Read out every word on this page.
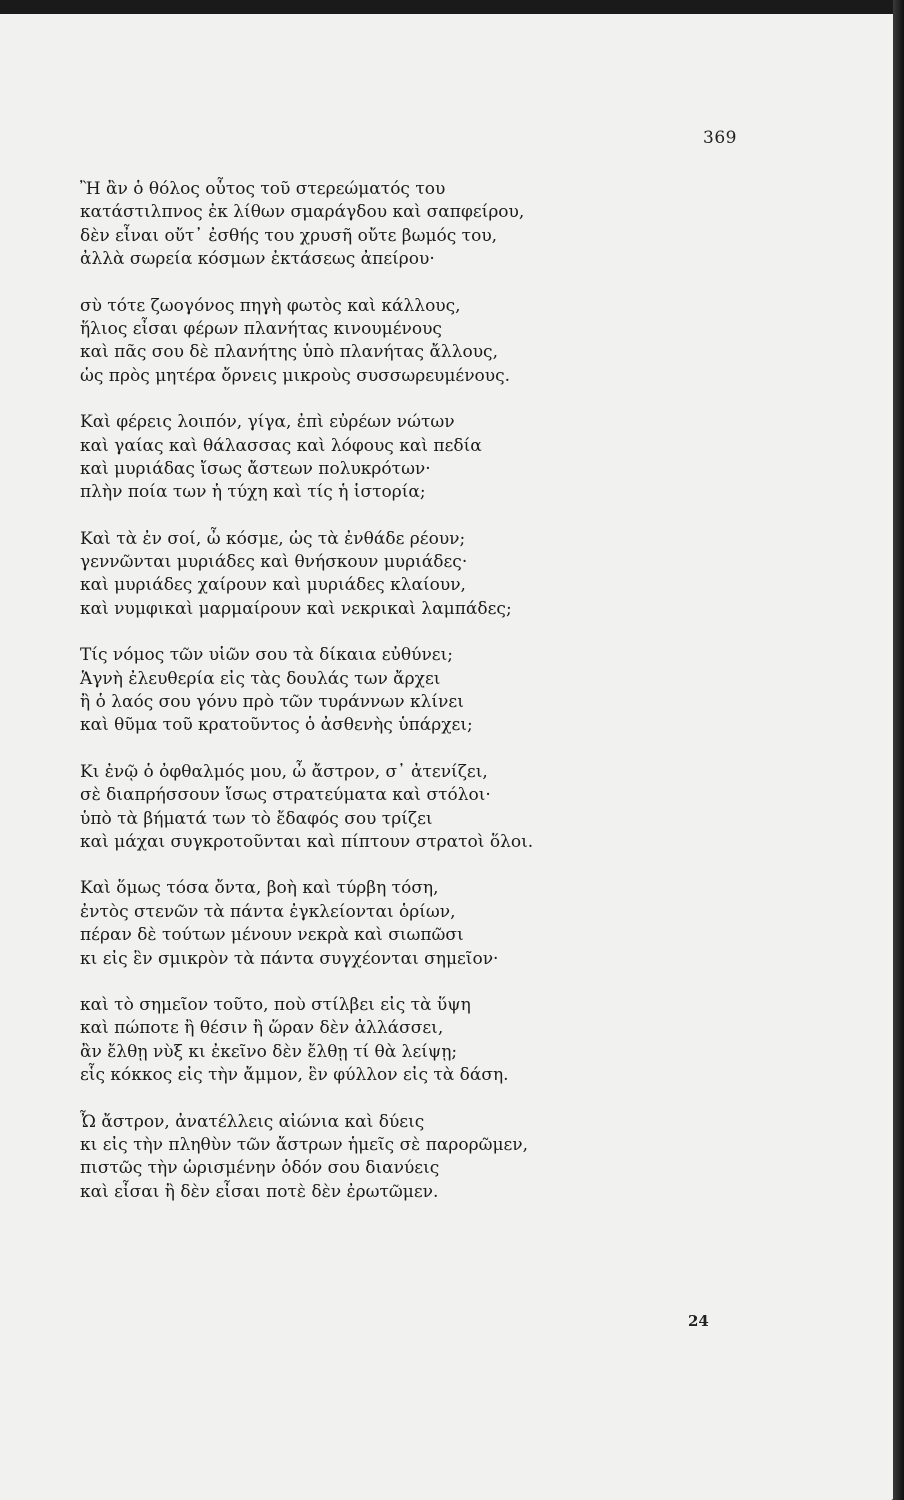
369
Ἢ ἂν ὁ θόλος οὗτος τοῦ στερεώματός του
κατάστιλπνος ἐκ λίθων σμαράγδου καὶ σαπφείρου,
δὲν εἶναι οὔτ᾽ ἐσθής του χρυσῆ οὔτε βωμός του,
ἀλλὰ σωρεία κόσμων ἐκτάσεως ἀπείρου·
σὺ τότε ζωογόνος πηγὴ φωτὸς καὶ κάλλους,
ἥλιος εἶσαι φέρων πλανήτας κινουμένους
καὶ πᾶς σου δὲ πλανήτης ὑπὸ πλανήτας ἄλλους,
ὡς πρὸς μητέρα ὄρνεις μικροὺς συσσωρευμένους.
Καὶ φέρεις λοιπόν, γίγα, ἐπὶ εὐρέων νώτων
καὶ γαίας καὶ θάλασσας καὶ λόφους καὶ πεδία
καὶ μυριάδας ἴσως ἄστεων πολυκρότων·
πλὴν ποία των ἡ τύχη καὶ τίς ἡ ἱστορία;
Καὶ τὰ ἐν σοί, ὦ κόσμε, ὡς τὰ ἐνθάδε ρέουν;
γεννῶνται μυριάδες καὶ θνήσκουν μυριάδες·
καὶ μυριάδες χαίρουν καὶ μυριάδες κλαίουν,
καὶ νυμφικαὶ μαρμαίρουν καὶ νεκρικαὶ λαμπάδες;
Τίς νόμος τῶν υἱῶν σου τὰ δίκαια εὐθύνει;
Ἁγνὴ ἐλευθερία εἰς τὰς δουλάς των ἄρχει
ἢ ὁ λαός σου γόνυ πρὸ τῶν τυράννων κλίνει
καὶ θῦμα τοῦ κρατοῦντος ὁ ἀσθενὴς ὑπάρχει;
Κι ἐνῷ ὁ ὀφθαλμός μου, ὦ ἄστρον, σ᾽ ἀτενίζει,
σὲ διαπρήσσουν ἴσως στρατεύματα καὶ στόλοι·
ὑπὸ τὰ βήματά των τὸ ἔδαφός σου τρίζει
καὶ μάχαι συγκροτοῦνται καὶ πίπτουν στρατοὶ ὅλοι.
Καὶ ὅμως τόσα ὄντα, βοὴ καὶ τύρβη τόση,
ἐντὸς στενῶν τὰ πάντα ἐγκλείονται ὁρίων,
πέραν δὲ τούτων μένουν νεκρὰ καὶ σιωπῶσι
κι εἰς ἓν σμικρὸν τὰ πάντα συγχέονται σημεῖον·
καὶ τὸ σημεῖον τοῦτο, ποὺ στίλβει εἰς τὰ ὕψη
καὶ πώποτε ἢ θέσιν ἢ ὥραν δὲν ἀλλάσσει,
ἂν ἔλθῃ νὺξ κι ἐκεῖνο δὲν ἔλθῃ τί θὰ λείψῃ;
εἷς κόκκος εἰς τὴν ἄμμον, ἓν φύλλον εἰς τὰ δάση.
Ὦ ἄστρον, ἀνατέλλεις αἰώνια καὶ δύεις
κι εἰς τὴν πληθὺν τῶν ἄστρων ἡμεῖς σὲ παρορῶμεν,
πιστῶς τὴν ὡρισμένην ὁδόν σου διανύεις
καὶ εἶσαι ἢ δὲν εἶσαι ποτὲ δὲν ἐρωτῶμεν.
24
